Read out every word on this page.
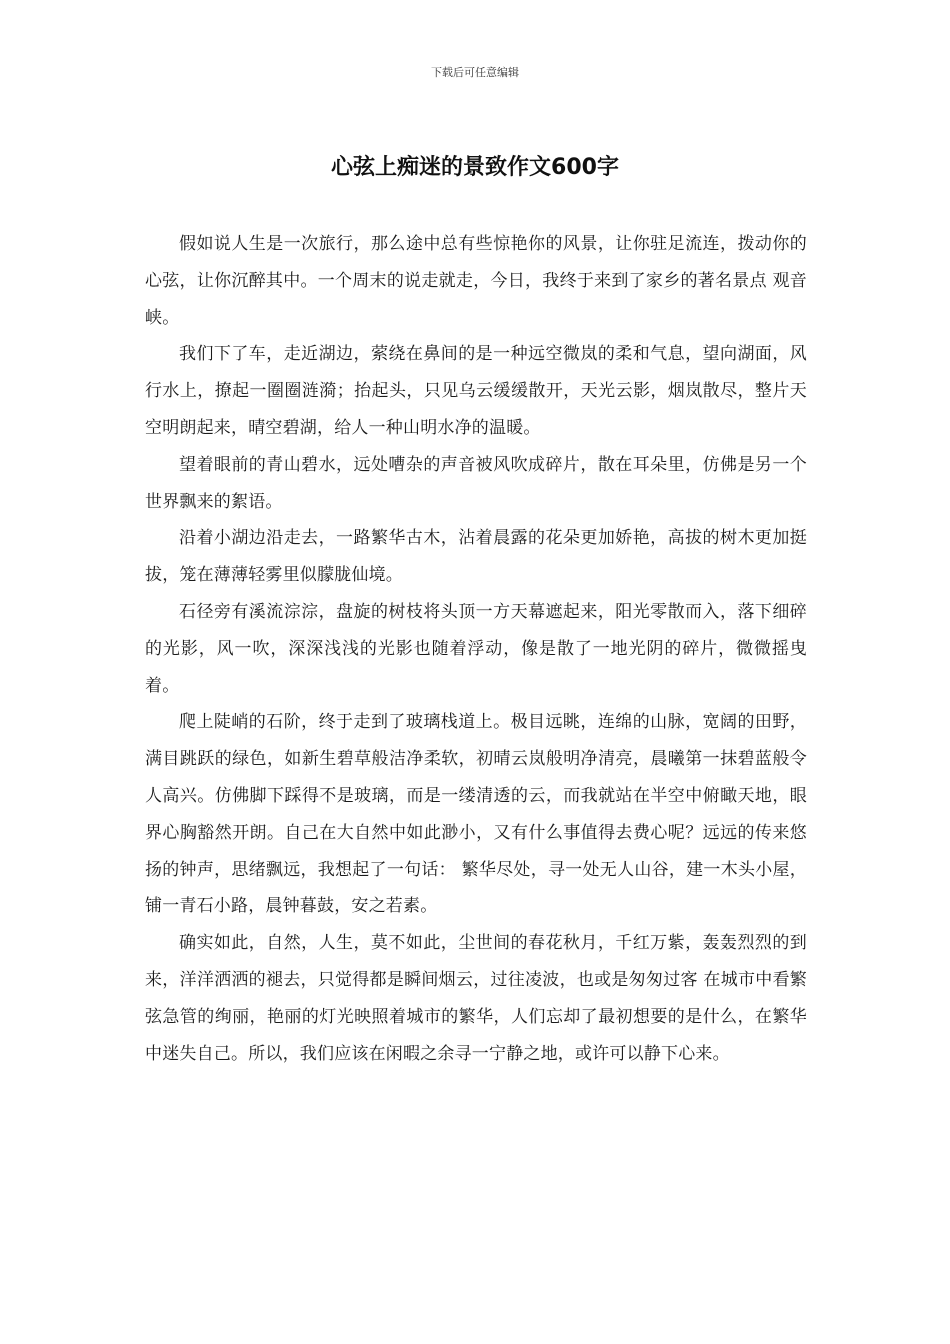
下载后可任意编辑
心弦上痴迷的景致作文600字

假如说人生是一次旅行，那么途中总有些惊艳你的风景，让你驻足流连，拨动你的心弦，让你沉醉其中。一个周末的说走就走，今日，我终于来到了家乡的著名景点 观音峡。

我们下了车，走近湖边，萦绕在鼻间的是一种远空微岚的柔和气息，望向湖面，风行水上，撩起一圈圈涟漪；抬起头，只见乌云缓缓散开，天光云影，烟岚散尽，整片天空明朗起来，晴空碧湖，给人一种山明水净的温暖。

望着眼前的青山碧水，远处嘈杂的声音被风吹成碎片，散在耳朵里，仿佛是另一个世界飘来的絮语。

沿着小湖边沿走去，一路繁华古木，沾着晨露的花朵更加娇艳，高拔的树木更加挺拔，笼在薄薄轻雾里似朦胧仙境。

石径旁有溪流淙淙，盘旋的树枝将头顶一方天幕遮起来，阳光零散而入，落下细碎的光影，风一吹，深深浅浅的光影也随着浮动，像是散了一地光阴的碎片，微微摇曳着。

爬上陡峭的石阶，终于走到了玻璃栈道上。极目远眺，连绵的山脉，宽阔的田野，满目跳跃的绿色，如新生碧草般洁净柔软，初晴云岚般明净清亮，晨曦第一抹碧蓝般令人高兴。仿佛脚下踩得不是玻璃，而是一缕清透的云，而我就站在半空中俯瞰天地，眼界心胸豁然开朗。自己在大自然中如此渺小，又有什么事值得去费心呢？远远的传来悠扬的钟声，思绪飘远，我想起了一句话： 繁华尽处，寻一处无人山谷，建一木头小屋，铺一青石小路，晨钟暮鼓，安之若素。

确实如此，自然，人生，莫不如此，尘世间的春花秋月，千红万紫，轰轰烈烈的到来，洋洋洒洒的褪去，只觉得都是瞬间烟云，过往凌波，也或是匆匆过客 在城市中看繁弦急管的绚丽，艳丽的灯光映照着城市的繁华，人们忘却了最初想要的是什么，在繁华中迷失自己。所以，我们应该在闲暇之余寻一宁静之地，或许可以静下心来。
